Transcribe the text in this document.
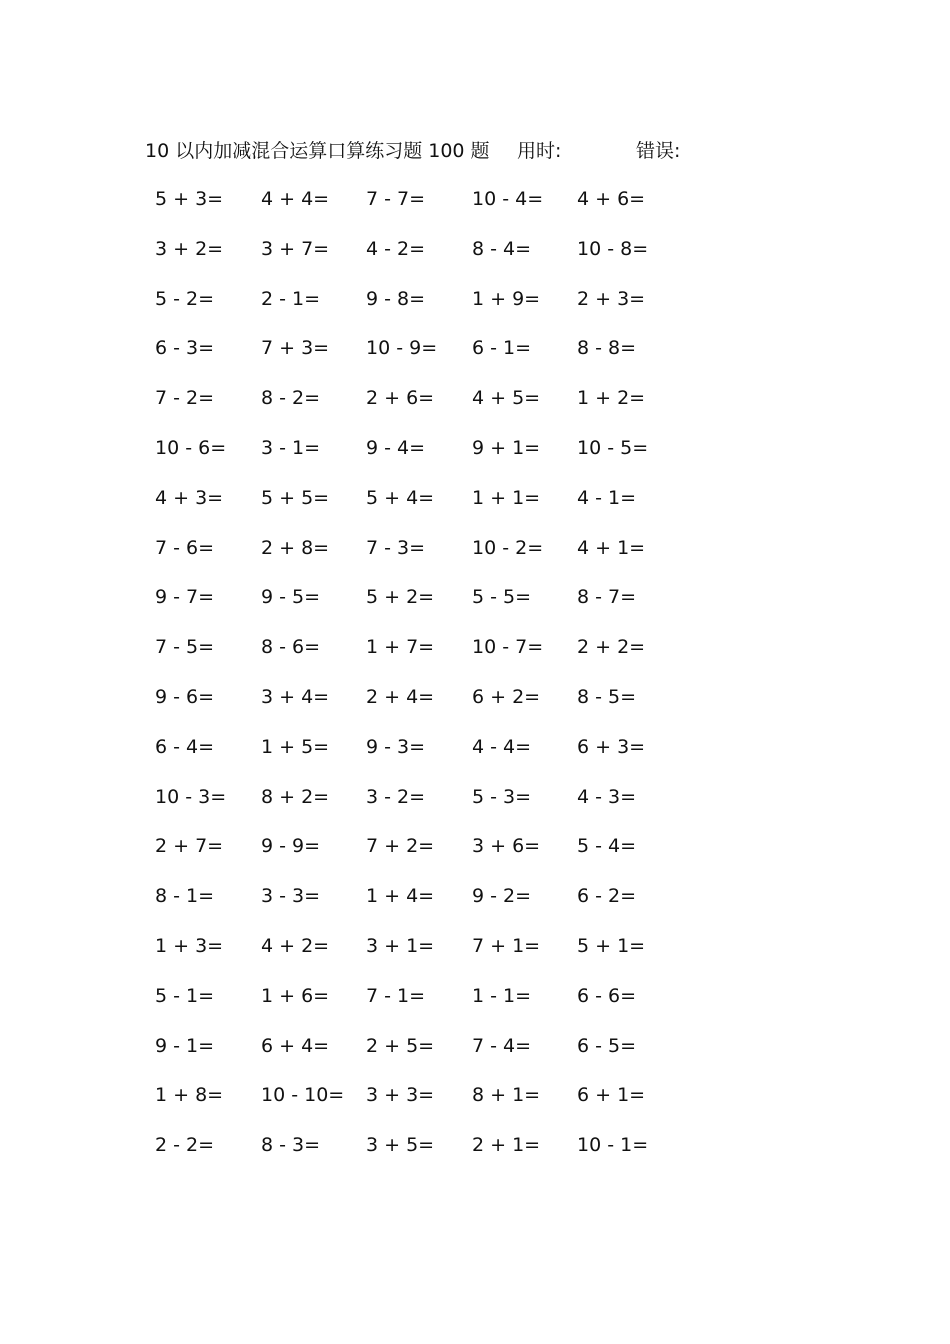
10 以内加减混合运算口算练习题 100 题 用时:	错误:
5 + 3= 4 + 4= 7 - 7= 10 - 4= 4 + 6=
3 + 2= 3 + 7= 4 - 2= 8 - 4= 10 - 8=
5 - 2= 2 - 1= 9 - 8= 1 + 9= 2 + 3=
6 - 3= 7 + 3= 10 - 9= 6 - 1= 8 - 8=
7 - 2= 8 - 2= 2 + 6= 4 + 5= 1 + 2=
10 - 6= 3 - 1= 9 - 4= 9 + 1= 10 - 5=
4 + 3= 5 + 5= 5 + 4= 1 + 1= 4 - 1=
7 - 6= 2 + 8= 7 - 3= 10 - 2= 4 + 1=
9 - 7= 9 - 5= 5 + 2= 5 - 5= 8 - 7=
7 - 5= 8 - 6= 1 + 7= 10 - 7= 2 + 2=
9 - 6= 3 + 4= 2 + 4= 6 + 2= 8 - 5=
6 - 4= 1 + 5= 9 - 3= 4 - 4= 6 + 3=
10 - 3= 8 + 2= 3 - 2= 5 - 3= 4 - 3=
2 + 7= 9 - 9= 7 + 2= 3 + 6= 5 - 4=
8 - 1= 3 - 3= 1 + 4= 9 - 2= 6 - 2=
1 + 3= 4 + 2= 3 + 1= 7 + 1= 5 + 1=
5 - 1= 1 + 6= 7 - 1= 1 - 1= 6 - 6=
9 - 1= 6 + 4= 2 + 5= 7 - 4= 6 - 5=
1 + 8= 10 - 10= 3 + 3= 8 + 1= 6 + 1=
2 - 2= 8 - 3= 3 + 5= 2 + 1= 10 - 1=
